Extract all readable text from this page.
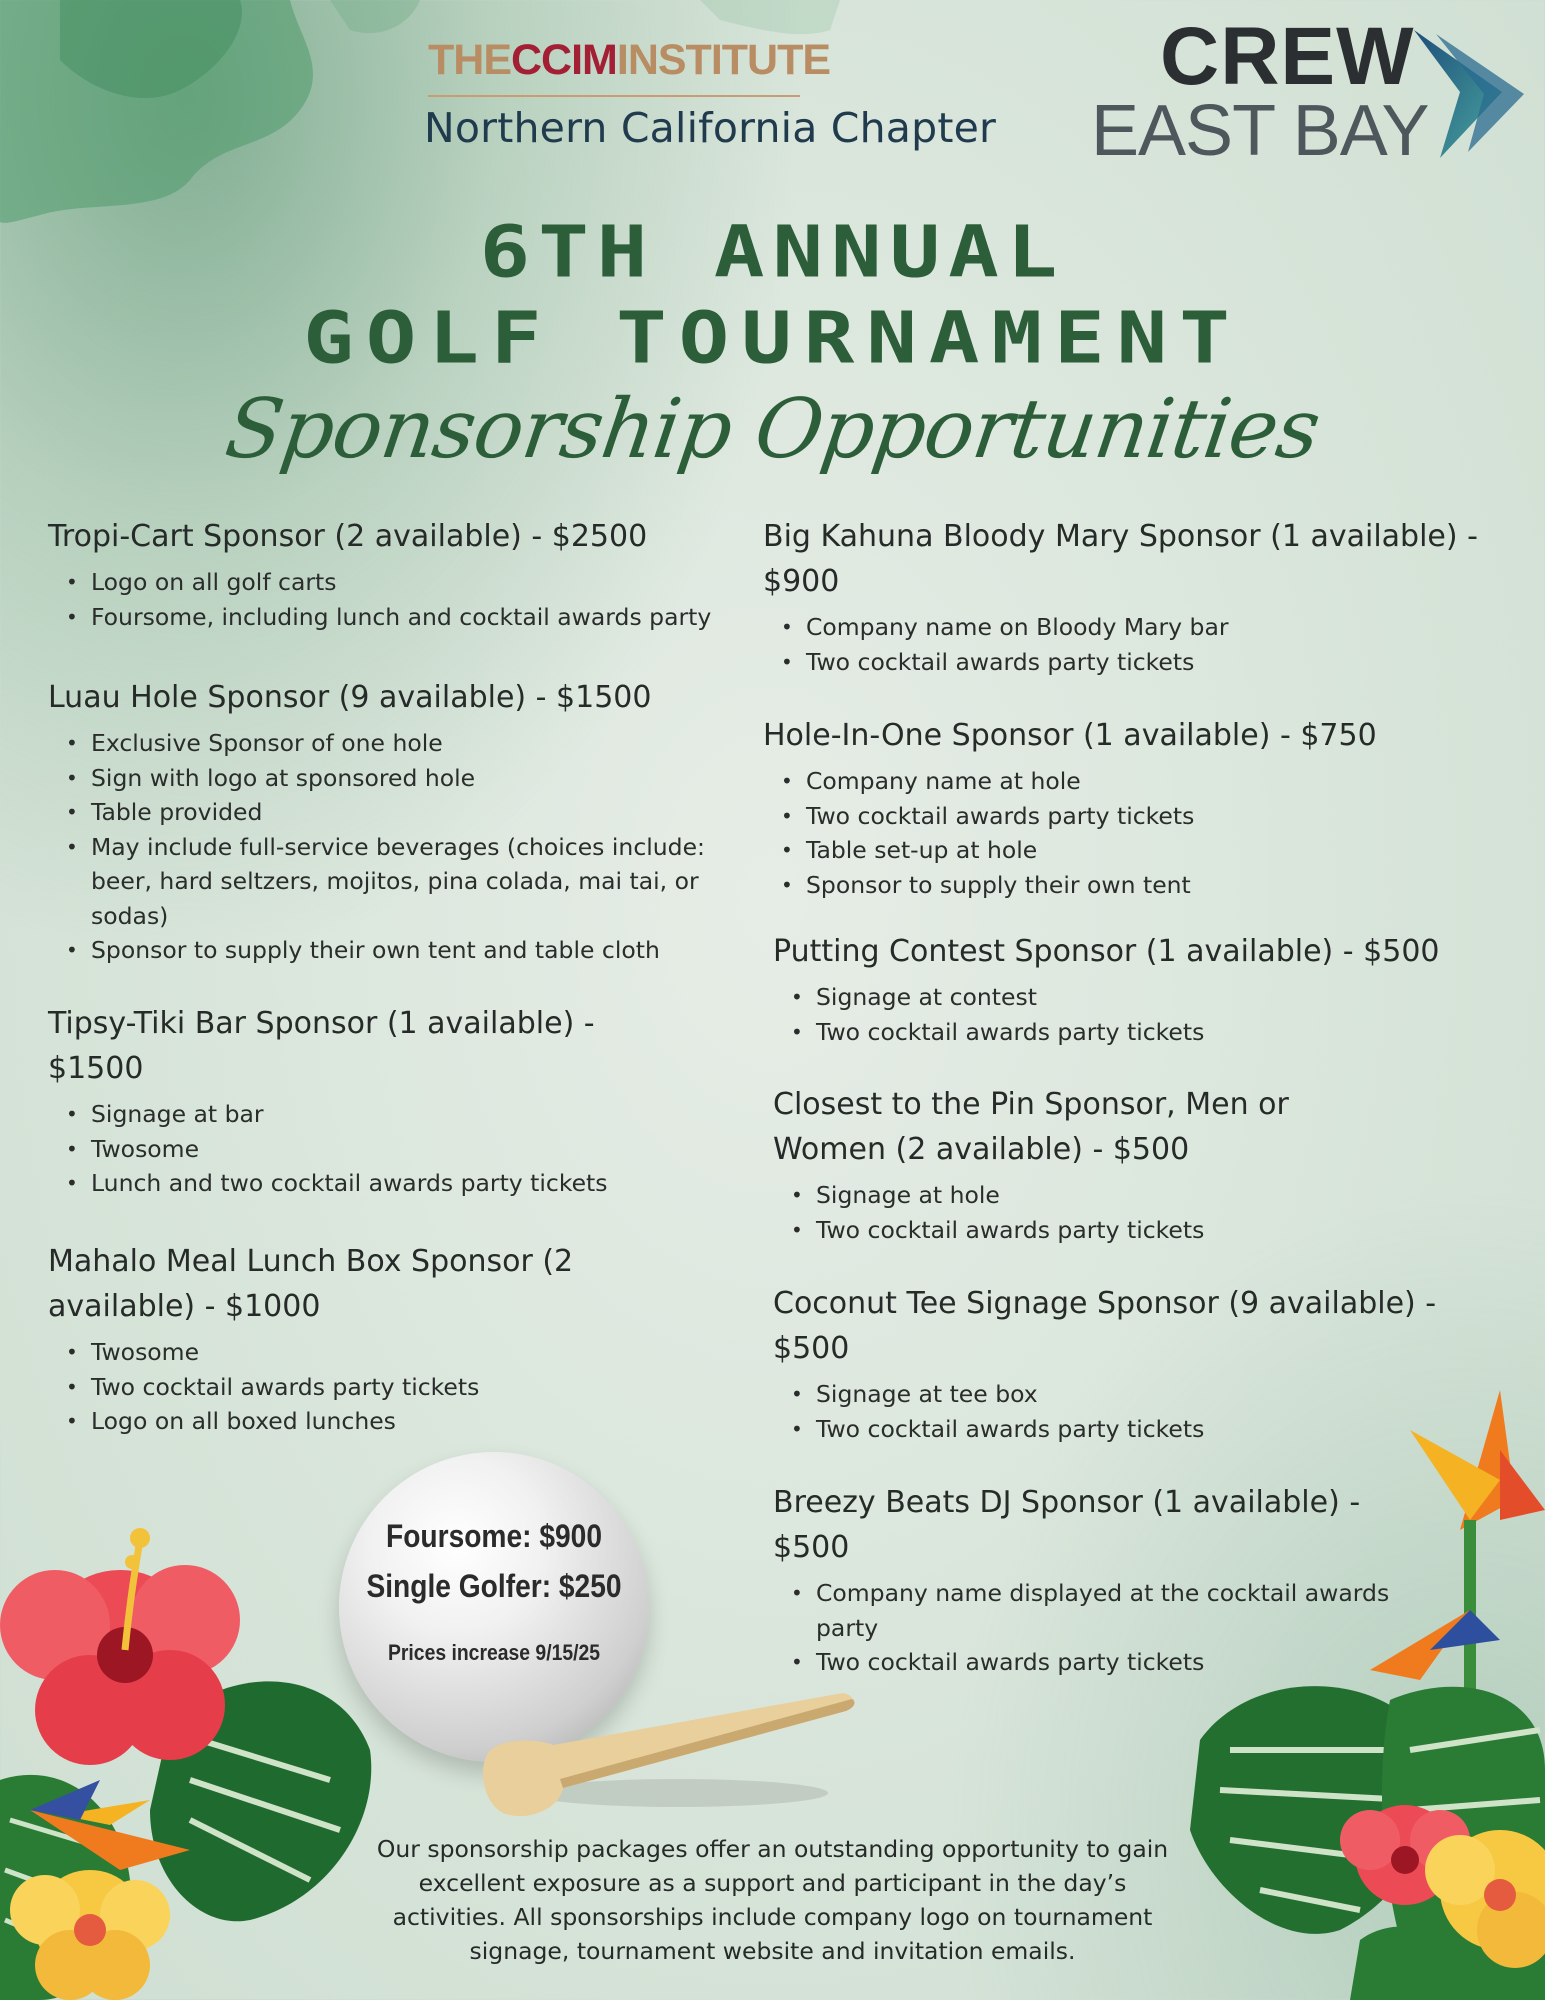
THECCIMINSTITUTE
Northern California Chapter
CREW
EAST BAY
6TH ANNUAL
GOLF TOURNAMENT
Sponsorship Opportunities
Tropi-Cart Sponsor (2 available) - $2500
• Logo on all golf carts
• Foursome, including lunch and cocktail awards party
Luau Hole Sponsor (9 available) - $1500
• Exclusive Sponsor of one hole
• Sign with logo at sponsored hole
• Table provided
• May include full-service beverages (choices include: beer, hard seltzers, mojitos, pina colada, mai tai, or sodas)
• Sponsor to supply their own tent and table cloth
Tipsy-Tiki Bar Sponsor (1 available) - $1500
• Signage at bar
• Twosome
• Lunch and two cocktail awards party tickets
Mahalo Meal Lunch Box Sponsor (2 available) - $1000
• Twosome
• Two cocktail awards party tickets
• Logo on all boxed lunches
Big Kahuna Bloody Mary Sponsor (1 available) - $900
• Company name on Bloody Mary bar
• Two cocktail awards party tickets
Hole-In-One Sponsor (1 available) - $750
• Company name at hole
• Two cocktail awards party tickets
• Table set-up at hole
• Sponsor to supply their own tent
Putting Contest Sponsor (1 available) - $500
• Signage at contest
• Two cocktail awards party tickets
Closest to the Pin Sponsor, Men or Women (2 available) - $500
• Signage at hole
• Two cocktail awards party tickets
Coconut Tee Signage Sponsor (9 available) - $500
• Signage at tee box
• Two cocktail awards party tickets
Breezy Beats DJ Sponsor (1 available) - $500
• Company name displayed at the cocktail awards party
• Two cocktail awards party tickets
Foursome: $900
Single Golfer: $250
Prices increase 9/15/25
Our sponsorship packages offer an outstanding opportunity to gain excellent exposure as a support and participant in the day’s activities. All sponsorships include company logo on tournament signage, tournament website and invitation emails.
